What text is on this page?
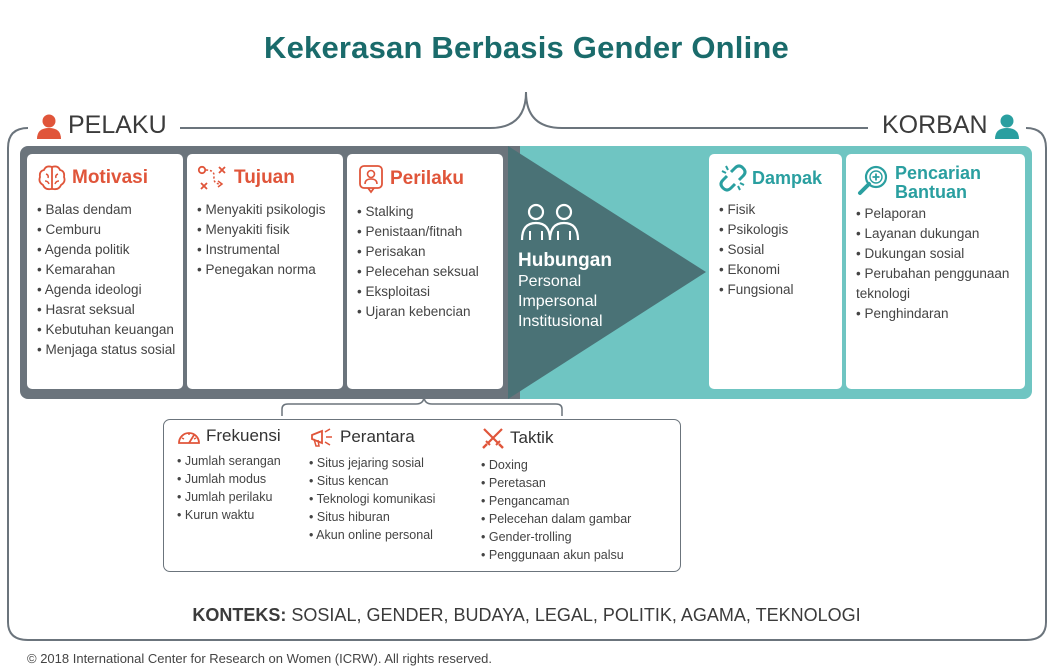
Kekerasan Berbasis Gender Online
PELAKU	KORBAN
Motivasi
• Balas dendam
• Cemburu
• Agenda politik
• Kemarahan
• Agenda ideologi
• Hasrat seksual
• Kebutuhan keuangan
• Menjaga status sosial
Tujuan
• Menyakiti psikologis
• Menyakiti fisik
• Instrumental
• Penegakan norma
Perilaku
• Stalking
• Penistaan/fitnah
• Perisakan
• Pelecehan seksual
• Eksploitasi
• Ujaran kebencian
Hubungan
Personal
Impersonal
Institusional
Dampak
• Fisik
• Psikologis
• Sosial
• Ekonomi
• Fungsional
Pencarian
Bantuan
• Pelaporan
• Layanan dukungan
• Dukungan sosial
• Perubahan penggunaan teknologi
• Penghindaran
Frekuensi
• Jumlah serangan
• Jumlah modus
• Jumlah perilaku
• Kurun waktu
Perantara
• Situs jejaring sosial
• Situs kencan
• Teknologi komunikasi
• Situs hiburan
• Akun online personal
Taktik
• Doxing
• Peretasan
• Pengancaman
• Pelecehan dalam gambar
• Gender-trolling
• Penggunaan akun palsu
KONTEKS: SOSIAL, GENDER, BUDAYA, LEGAL, POLITIK, AGAMA, TEKNOLOGI
© 2018 International Center for Research on Women (ICRW). All rights reserved.
